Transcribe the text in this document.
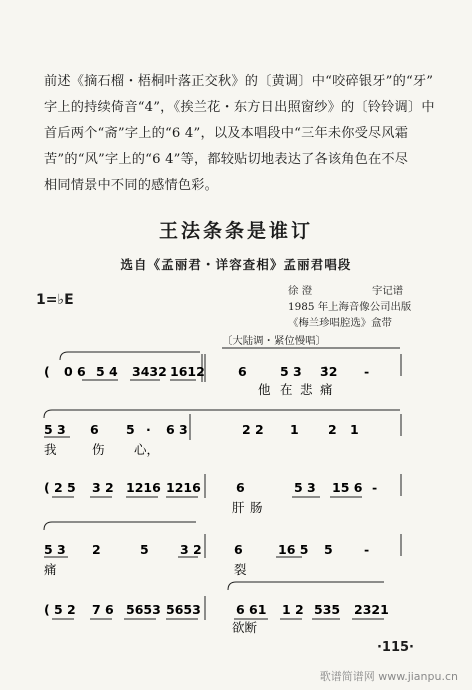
前述《摘石榴・梧桐叶落正交秋》的〔黄调〕中“咬碎银牙”的“牙”
字上的持续倚音“4”，《挨兰花・东方日出照窗纱》的〔铃铃调〕中
首后两个“斋”字上的“6 4”，以及本唱段中“三年未你受尽风霜
苦”的“风”字上的“6 4”等，都较贴切地表达了各该角色在不尽
相同情景中不同的感情色彩。
王法条条是谁订
选自《孟丽君・详容查相》孟丽君唱段
1=♭E
徐 澄	宇记谱
1985 年上海音像公司出版
《梅兰珍唱腔选》盒带
〔大陆调・紧位慢唱〕
(
(
(
0 6 5 4 3432 1612	6	5 3 3̇2 -
他 在 悲 痛
5 3 6 5 · 6 3	2 2 1 2 1
我	伤 心，
2 5 3 2 1216 1216	6	5 3 15 6 -
肝 肠
5 3 2	5	3 2	6	16 5 5	-
痛	裂
5 2 7 6 5653 5653	6 61 1 2 535 2321
欲断
·115·
歌谱简谱网 www.jianpu.cn
